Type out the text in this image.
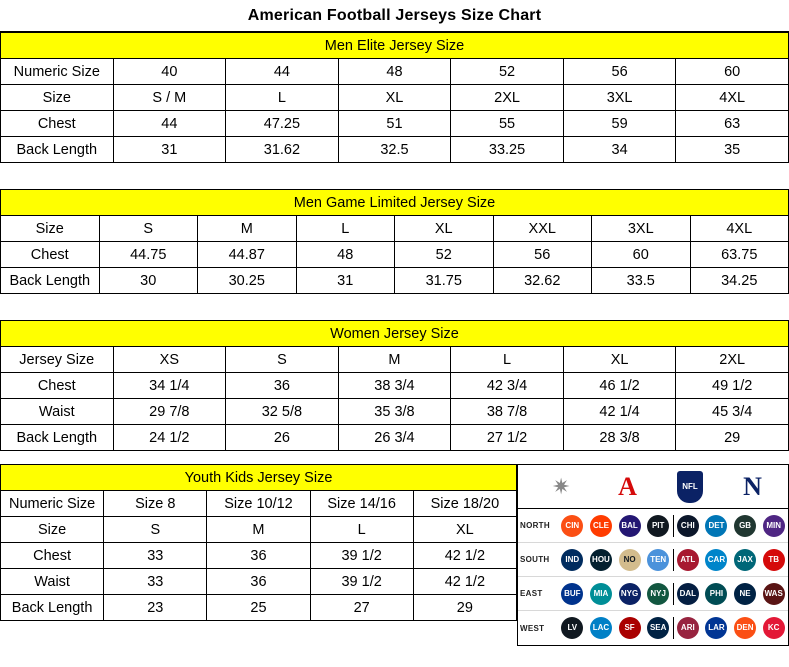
American Football Jerseys Size Chart
Men Elite Jersey Size						
Numeric Size	40	44	48	52	56	60
Size	S / M	L	XL	2XL	3XL	4XL
Chest	44	47.25	51	55	59	63
Back Length	31	31.62	32.5	33.25	34	35
Men Game Limited Jersey Size							
Size	S	M	L	XL	XXL	3XL	4XL
Chest	44.75	44.87	48	52	56	60	63.75
Back Length	30	30.25	31	31.75	32.62	33.5	34.25
Women Jersey Size						
Jersey Size	XS	S	M	L	XL	2XL
Chest	34 1/4	36	38 3/4	42 3/4	46 1/2	49 1/2
Waist	29 7/8	32 5/8	35 3/8	38 7/8	42 1/4	45 3/4
Back Length	24 1/2	26	26 3/4	27 1/2	28 3/8	29
Youth Kids Jersey Size				
Numeric Size	Size 8	Size 10/12	Size 14/16	Size 18/20
Size	S	M	L	XL
Chest	33	36	39 1/2	42 1/2
Waist	33	36	39 1/2	42 1/2
Back Length	23	25	27	29
✷ A	NFL N
NORTH	CIN	CLE	BAL	PIT	CHI	DET	GB	MIN
SOUTH	IND	HOU	NO	TEN	ATL	CAR	JAX	TB
EAST	BUF	MIA	NYG	NYJ	DAL	PHI	NE	WAS
WEST	LV	LAC	SF	SEA	ARI	LAR	DEN	KC
